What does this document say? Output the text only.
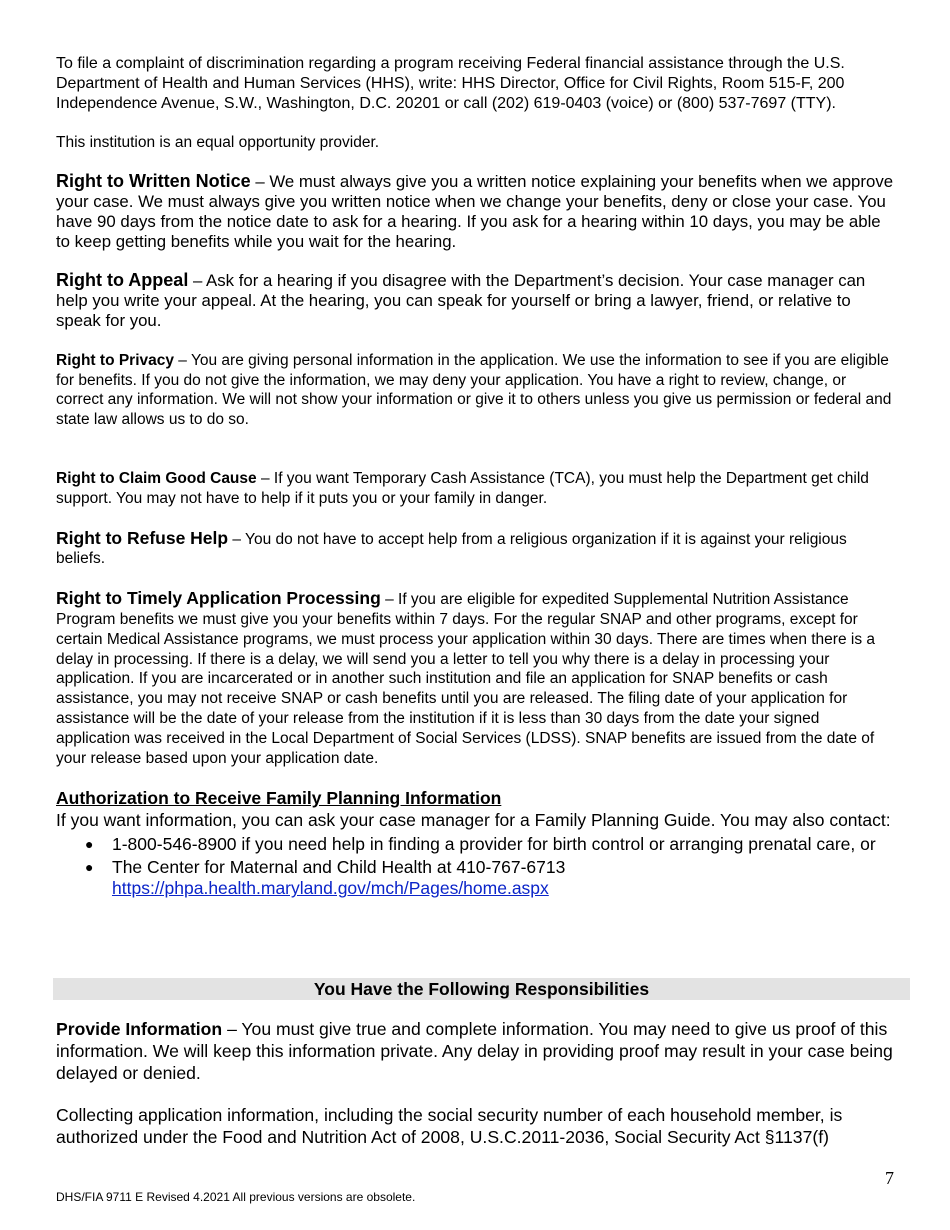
To file a complaint of discrimination regarding a program receiving Federal financial assistance through the U.S. Department of Health and Human Services (HHS), write: HHS Director, Office for Civil Rights, Room 515-F, 200 Independence Avenue, S.W., Washington, D.C. 20201 or call (202) 619-0403 (voice) or (800) 537-7697 (TTY).

This institution is an equal opportunity provider.

Right to Written Notice – We must always give you a written notice explaining your benefits when we approve your case. We must always give you written notice when we change your benefits, deny or close your case. You have 90 days from the notice date to ask for a hearing. If you ask for a hearing within 10 days, you may be able to keep getting benefits while you wait for the hearing.

Right to Appeal – Ask for a hearing if you disagree with the Department’s decision. Your case manager can help you write your appeal. At the hearing, you can speak for yourself or bring a lawyer, friend, or relative to speak for you.

Right to Privacy – You are giving personal information in the application. We use the information to see if you are eligible for benefits. If you do not give the information, we may deny your application. You have a right to review, change, or correct any information. We will not show your information or give it to others unless you give us permission or federal and state law allows us to do so.

Right to Claim Good Cause – If you want Temporary Cash Assistance (TCA), you must help the Department get child support. You may not have to help if it puts you or your family in danger.

Right to Refuse Help – You do not have to accept help from a religious organization if it is against your religious beliefs.

Right to Timely Application Processing – If you are eligible for expedited Supplemental Nutrition Assistance Program benefits we must give you your benefits within 7 days. For the regular SNAP and other programs, except for certain Medical Assistance programs, we must process your application within 30 days. There are times when there is a delay in processing. If there is a delay, we will send you a letter to tell you why there is a delay in processing your application. If you are incarcerated or in another such institution and file an application for SNAP benefits or cash assistance, you may not receive SNAP or cash benefits until you are released. The filing date of your application for assistance will be the date of your release from the institution if it is less than 30 days from the date your signed application was received in the Local Department of Social Services (LDSS). SNAP benefits are issued from the date of your release based upon your application date.

Authorization to Receive Family Planning Information

If you want information, you can ask your case manager for a Family Planning Guide. You may also contact:

● 1-800-546-8900 if you need help in finding a provider for birth control or arranging prenatal care, or
● The Center for Maternal and Child Health at 410-767-6713
https://phpa.health.maryland.gov/mch/Pages/home.aspx
You Have the Following Responsibilities

Provide Information – You must give true and complete information. You may need to give us proof of this information. We will keep this information private. Any delay in providing proof may result in your case being delayed or denied.

Collecting application information, including the social security number of each household member, is authorized under the Food and Nutrition Act of 2008, U.S.C.2011-2036, Social Security Act §1137(f)

7
DHS/FIA 9711 E Revised 4.2021 All previous versions are obsolete.
